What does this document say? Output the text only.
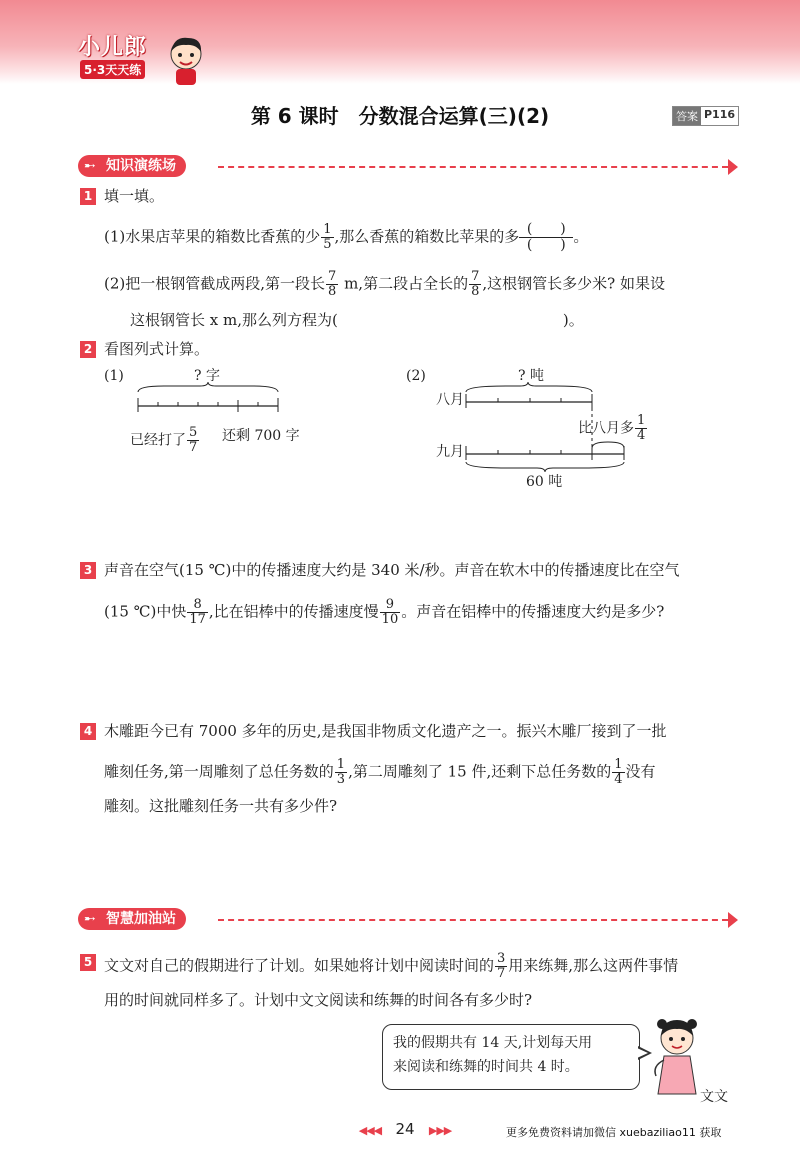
小儿郎
5·3天天练
第 6 课时　分数混合运算(三)(2)	答案 P116
➸ 知识演练场
1 填一填。
(1)水果店苹果的箱数比香蕉的少 $\frac{1}{5}$ ,那么香蕉的箱数比苹果的多 $\frac{( )}{( )}$。
(2)把一根钢管截成两段,第一段长 $\frac{7}{8} m$,第二段占全长的 $\frac{7}{8}$ ,这根钢管长多少米? 如果设
这根钢管长 x m,那么列方程为(　　　　　　　　　　　　　　　)。
2 看图列式计算。
(1)	? 字
已经打了 $\frac{5}{7}$ 还剩 700 字
(2)	? 吨
八月
九月
比八月多 $\frac{1}{4}$
60 吨
3 声音在空气(15 ℃)中的传播速度大约是 340 米/秒。声音在软木中的传播速度比在空气
(15 ℃)中快 $\frac{8}{17}$ ,比在铝棒中的传播速度慢 $\frac{9}{10}$ 。声音在铝棒中的传播速度大约是多少?
4 木雕距今已有 7000 多年的历史,是我国非物质文化遗产之一。振兴木雕厂接到了一批
雕刻任务,第一周雕刻了总任务数的 $\frac{1}{3}$ ,第二周雕刻了 15 件,还剩下总任务数的 $\frac{1}{4}$ 没有
雕刻。这批雕刻任务一共有多少件?
➸ 智慧加油站
5 文文对自己的假期进行了计划。如果她将计划中阅读时间的 $\frac{3}{7}$ 用来练舞,那么这两件事情
用的时间就同样多了。计划中文文阅读和练舞的时间各有多少时?
我的假期共有 14 天,计划每天用
来阅读和练舞的时间共 4 时。
文文
◀◀◀ 24 ▶▶▶	更多免费资料请加微信 xuebaziliao11 获取
